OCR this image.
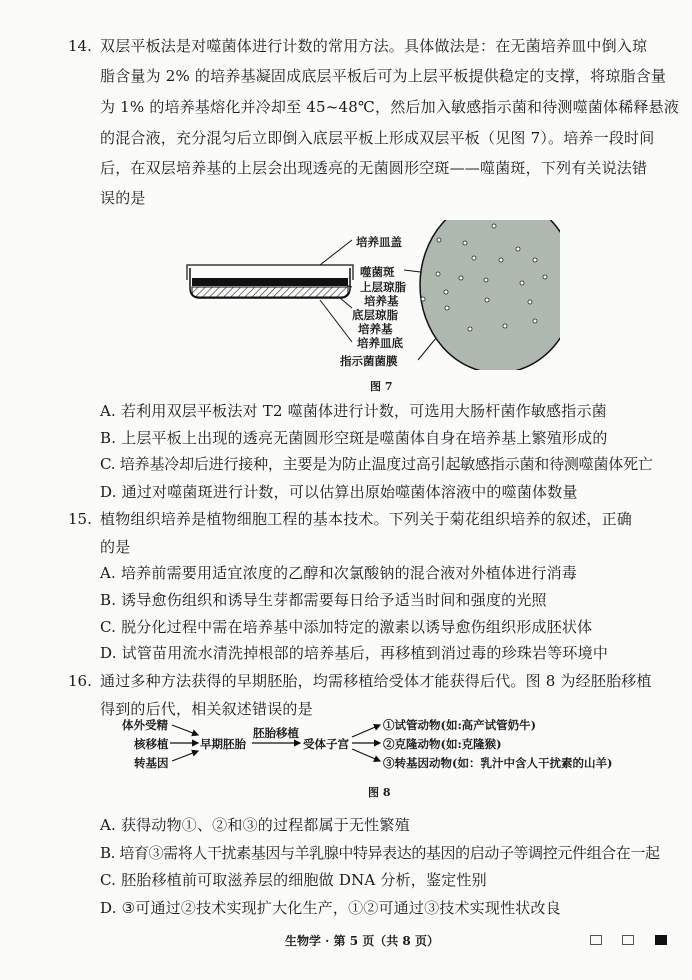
14. 双层平板法是对噬菌体进行计数的常用方法。具体做法是：在无菌培养皿中倒入琼
脂含量为 2% 的培养基凝固成底层平板后可为上层平板提供稳定的支撑，将琼脂含量
为 1% 的培养基熔化并冷却至 45~48℃，然后加入敏感指示菌和待测噬菌体稀释悬液
的混合液，充分混匀后立即倒入底层平板上形成双层平板（见图 7）。培养一段时间
后，在双层培养基的上层会出现透亮的无菌圆形空斑——噬菌斑，下列有关说法错
误的是
培养皿盖
噬菌斑
上层琼脂
培养基
底层琼脂
培养基
培养皿底
指示菌菌膜
图 7
A. 若利用双层平板法对 T2 噬菌体进行计数，可选用大肠杆菌作敏感指示菌
B. 上层平板上出现的透亮无菌圆形空斑是噬菌体自身在培养基上繁殖形成的
C. 培养基冷却后进行接种，主要是为防止温度过高引起敏感指示菌和待测噬菌体死亡
D. 通过对噬菌斑进行计数，可以估算出原始噬菌体溶液中的噬菌体数量
15. 植物组织培养是植物细胞工程的基本技术。下列关于菊花组织培养的叙述，正确
的是
A. 培养前需要用适宜浓度的乙醇和次氯酸钠的混合液对外植体进行消毒
B. 诱导愈伤组织和诱导生芽都需要每日给予适当时间和强度的光照
C. 脱分化过程中需在培养基中添加特定的激素以诱导愈伤组织形成胚状体
D. 试管苗用流水清洗掉根部的培养基后，再移植到消过毒的珍珠岩等环境中
16. 通过多种方法获得的早期胚胎，均需移植给受体才能获得后代。图 8 为经胚胎移植
得到的后代，相关叙述错误的是
体外受精
核移植
转基因
早期胚胎
胚胎移植
受体子宫
①试管动物(如:高产试管奶牛)
②克隆动物(如:克隆猴)
③转基因动物(如：乳汁中含人干扰素的山羊)
图 8
A. 获得动物①、②和③的过程都属于无性繁殖
B. 培育③需将人干扰素基因与羊乳腺中特异表达的基因的启动子等调控元件组合在一起
C. 胚胎移植前可取滋养层的细胞做 DNA 分析，鉴定性别
D. ③可通过②技术实现扩大化生产，①②可通过③技术实现性状改良
生物学 · 第 5 页（共 8 页）
